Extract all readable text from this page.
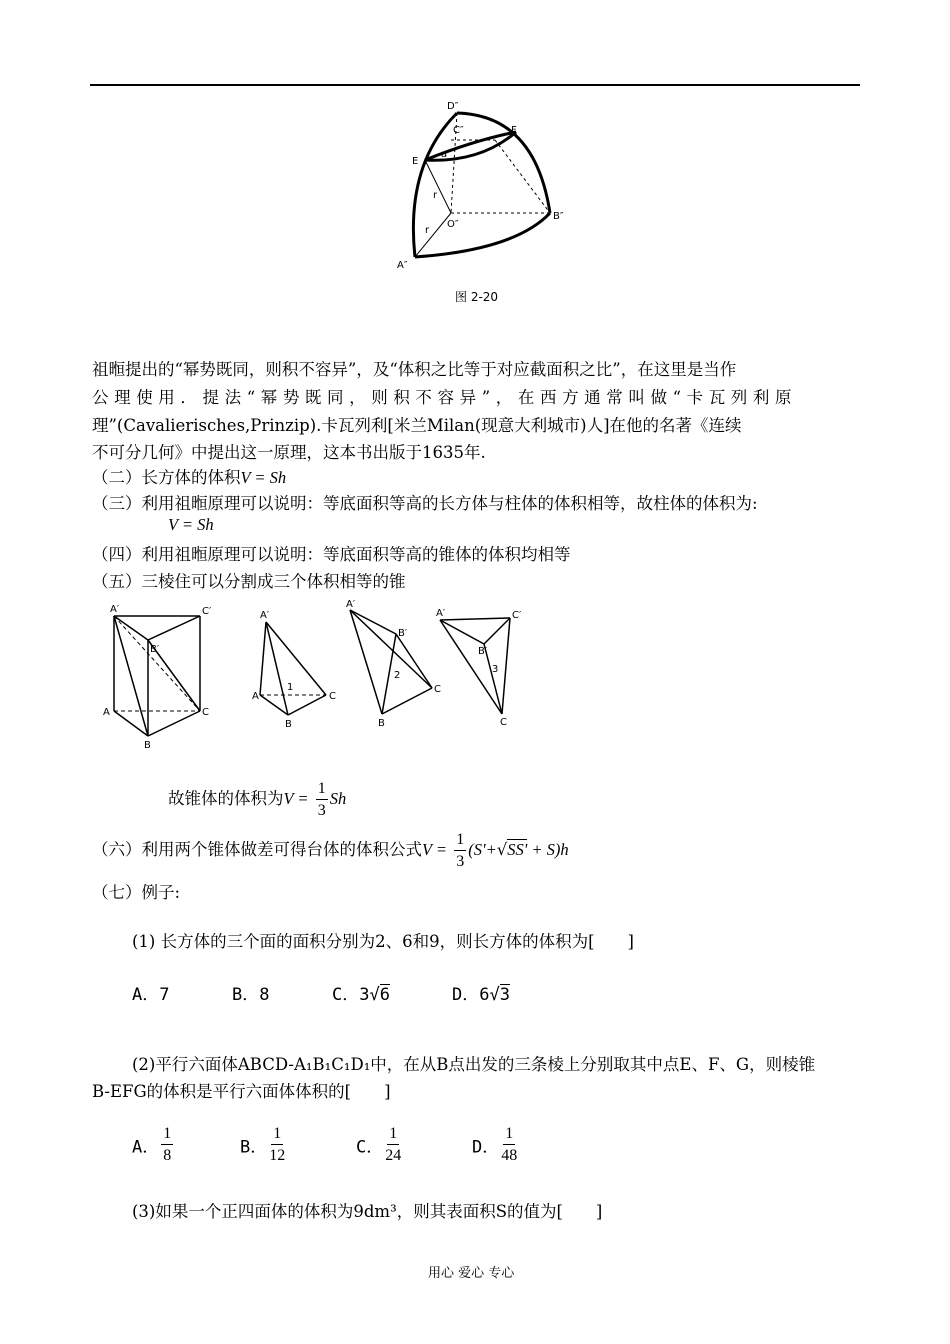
D″
C″	F
E
a
r
r
O″
B″
A″
图 2-20
祖暅提出的“幂势既同，则积不容异”，及“体积之比等于对应截面积之比”，在这里是当作
公理使用．提法“幂势既同，则积不容异”，在西方通常叫做“卡瓦列利原
理”(Cavalierisches,Prinzip).卡瓦列利[米兰Milan(现意大利城市)人]在他的名著《连续
不可分几何》中提出这一原理，这本书出版于1635年.
（二）长方体的体积V = Sh
（三）利用祖暅原理可以说明：等底面积等高的长方体与柱体的体积相等，故柱体的体积为:
V = Sh
（四）利用祖暅原理可以说明：等底面积等高的锥体的体积均相等
（五）三棱住可以分割成三个体积相等的锥
A′	C′
B′
A	C
B
A′
A	C
B
1
A′
B′
C
B
2
A′	C′
B′
C
3
故锥体的体积为$V = \frac{1}{3}$ Sh
（六）利用两个锥体做差可得台体的体积公式$V = \frac{1}{3} (S'+√SS' + S)h$
（七）例子:
(1) 长方体的三个面的面积分别为2、6和9，则长方体的体积为[　　]
A．7	B．8	C．3√6	D．6√3
(2)平行六面体ABCD-A₁B₁C₁D₁中，在从B点出发的三条棱上分别取其中点E、F、G，则棱锥
B-EFG的体积是平行六面体体积的[　　]
A． $\frac{1}{8}$	B． $\frac{1}{12}$	C． $\frac{1}{24}$	D． $\frac{1}{48}$
(3)如果一个正四面体的体积为9dm³，则其表面积S的值为[　　]
用心 爱心 专心
